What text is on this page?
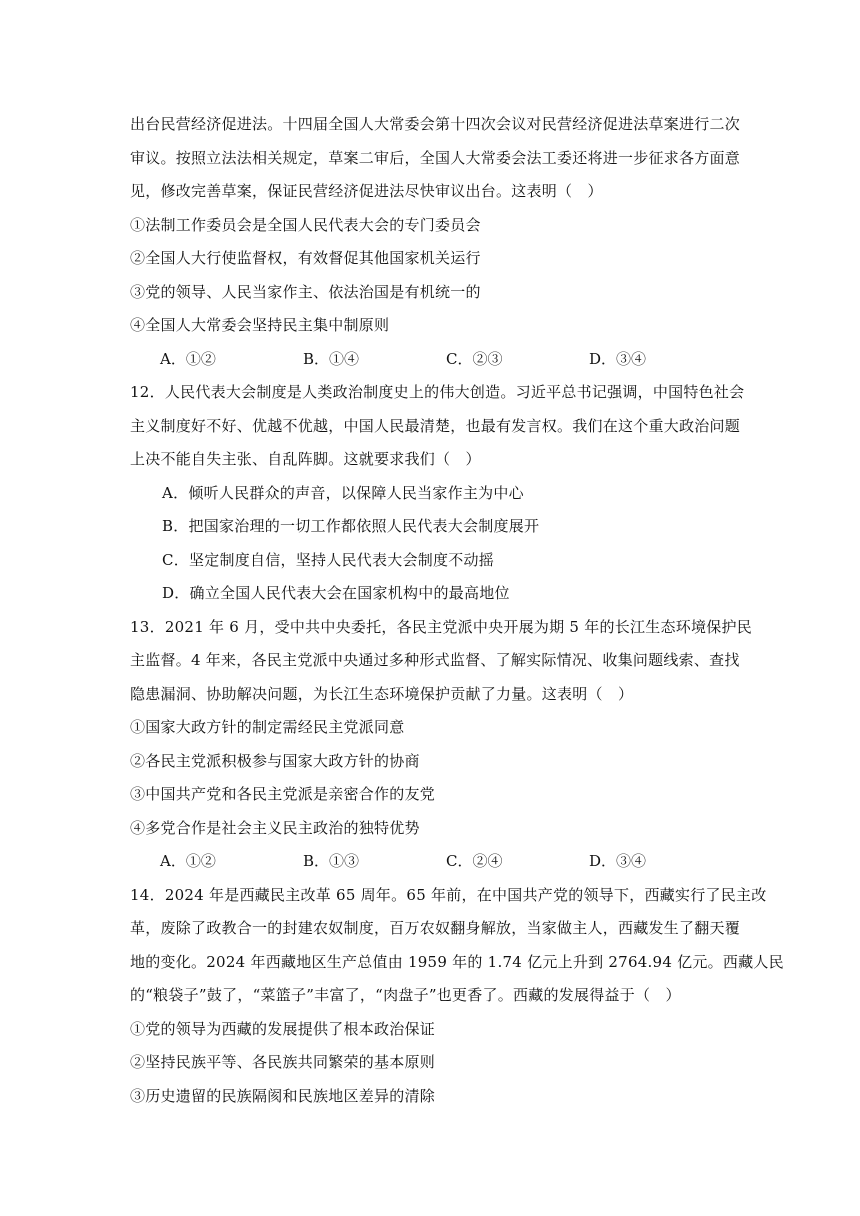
出台民营经济促进法。十四届全国人大常委会第十四次会议对民营经济促进法草案进行二次
审议。按照立法法相关规定，草案二审后，全国人大常委会法工委还将进一步征求各方面意
见，修改完善草案，保证民营经济促进法尽快审议出台。这表明（　）
①法制工作委员会是全国人民代表大会的专门委员会
②全国人大行使监督权，有效督促其他国家机关运行
③党的领导、人民当家作主、依法治国是有机统一的
④全国人大常委会坚持民主集中制原则
A．①②	B．①④	C．②③	D．③④
12．人民代表大会制度是人类政治制度史上的伟大创造。习近平总书记强调，中国特色社会
主义制度好不好、优越不优越，中国人民最清楚，也最有发言权。我们在这个重大政治问题
上决不能自失主张、自乱阵脚。这就要求我们（　）
A．倾听人民群众的声音，以保障人民当家作主为中心
B．把国家治理的一切工作都依照人民代表大会制度展开
C．坚定制度自信，坚持人民代表大会制度不动摇
D．确立全国人民代表大会在国家机构中的最高地位
13．2021 年 6 月，受中共中央委托，各民主党派中央开展为期 5 年的长江生态环境保护民
主监督。4 年来，各民主党派中央通过多种形式监督、了解实际情况、收集问题线索、查找
隐患漏洞、协助解决问题，为长江生态环境保护贡献了力量。这表明（　）
①国家大政方针的制定需经民主党派同意
②各民主党派积极参与国家大政方针的协商
③中国共产党和各民主党派是亲密合作的友党
④多党合作是社会主义民主政治的独特优势
A．①②	B．①③	C．②④	D．③④
14．2024 年是西藏民主改革 65 周年。65 年前，在中国共产党的领导下，西藏实行了民主改
革，废除了政教合一的封建农奴制度，百万农奴翻身解放，当家做主人，西藏发生了翻天覆
地的变化。2024 年西藏地区生产总值由 1959 年的 1.74 亿元上升到 2764.94 亿元。西藏人民
的“粮袋子”鼓了，“菜篮子”丰富了，“肉盘子”也更香了。西藏的发展得益于（　）
①党的领导为西藏的发展提供了根本政治保证
②坚持民族平等、各民族共同繁荣的基本原则
③历史遗留的民族隔阂和民族地区差异的清除
